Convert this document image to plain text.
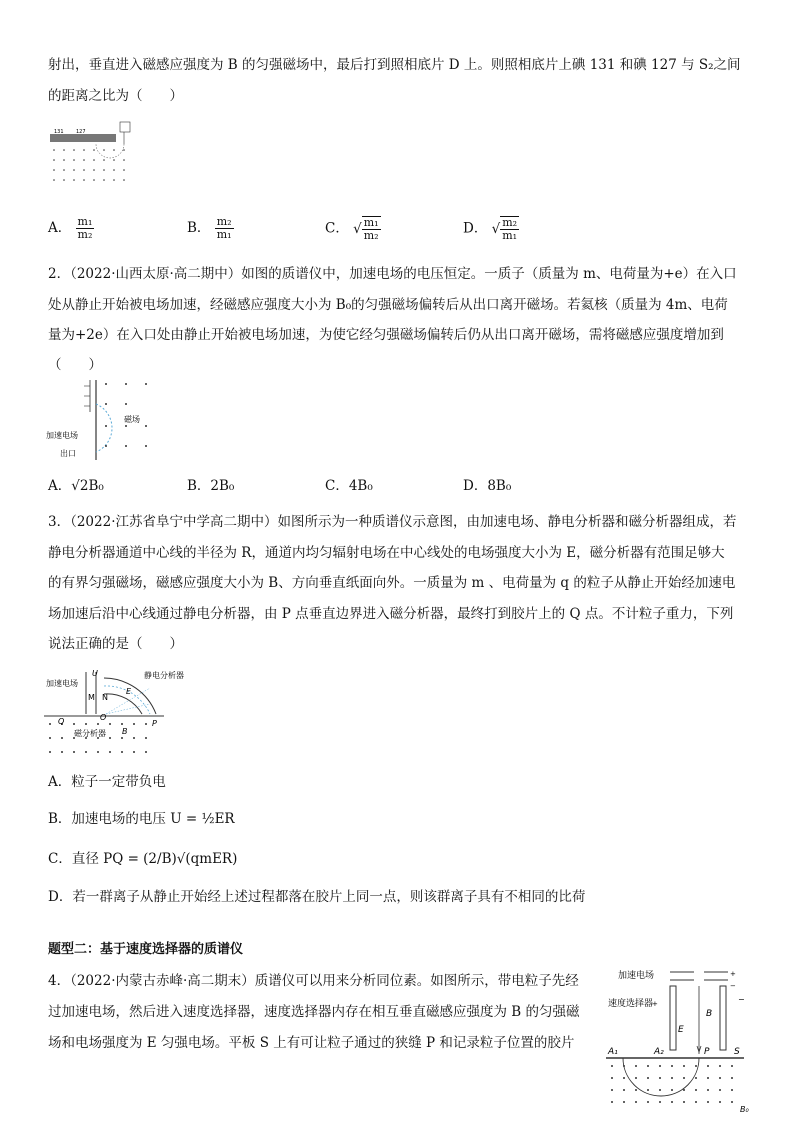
射出，垂直进入磁感应强度为 B 的匀强磁场中，最后打到照相底片 D 上。则照相底片上碘 131 和碘 127 与 S₂之间
的距离之比为（　　）
131 127
A． $\frac{\text{m₁}}{\text{m₂}}$	B． $\frac{\text{m₂}}{\text{m₁}}$	C． √ $\frac{\text{m₁}}{\text{m₂}}$	D． √ $\frac{\text{m₂}}{\text{m₁}}$
2．（2022·山西太原·高二期中）如图的质谱仪中，加速电场的电压恒定。一质子（质量为 m、电荷量为+e）在入口
处从静止开始被电场加速，经磁感应强度大小为 B₀的匀强磁场偏转后从出口离开磁场。若氦核（质量为 4m、电荷
量为+2e）在入口处由静止开始被电场加速，为使它经匀强磁场偏转后仍从出口离开磁场，需将磁感应强度增加到
（　　）
磁场
加速电场
出口
A．√2B₀	B．2B₀	C．4B₀	D．8B₀
3．（2022·江苏省阜宁中学高二期中）如图所示为一种质谱仪示意图，由加速电场、静电分析器和磁分析器组成，若
静电分析器通道中心线的半径为 R，通道内均匀辐射电场在中心线处的电场强度大小为 E，磁分析器有范围足够大
的有界匀强磁场，磁感应强度大小为 B、方向垂直纸面向外。一质量为 m 、电荷量为 q 的粒子从静止开始经加速电
场加速后沿中心线通过静电分析器，由 P 点垂直边界进入磁分析器，最终打到胶片上的 Q 点。不计粒子重力，下列
说法正确的是（　　）
加速电场
静电分析器
U
M N
E
O
P
Q
磁分析器 B
A．粒子一定带负电
B．加速电场的电压 U = ½ER
C．直径 PQ = (2/B)√(qmER)
D．若一群离子从静止开始经上述过程都落在胶片上同一点，则该群离子具有不相同的比荷
题型二：基于速度选择器的质谱仪
4．（2022·内蒙古赤峰·高二期末）质谱仪可以用来分析同位素。如图所示，带电粒子先经
过加速电场，然后进入速度选择器，速度选择器内存在相互垂直磁感应强度为 B 的匀强磁
场和电场强度为 E 匀强电场。平板 S 上有可让粒子通过的狭缝 P 和记录粒子位置的胶片
加速电场	+
−
速度选择器
+	−
E
B
A₁	A₂	P	S
B₀
